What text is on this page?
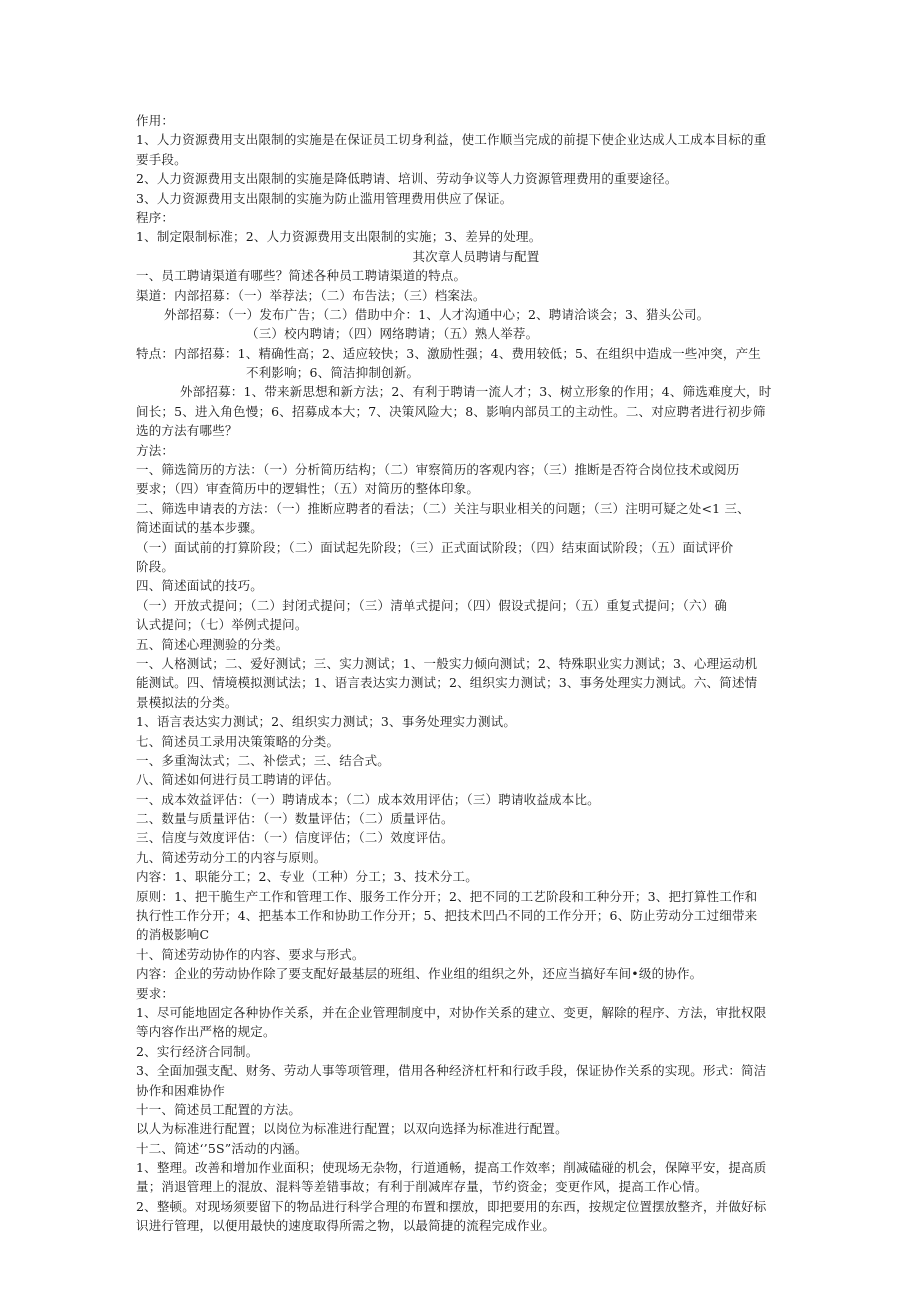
作用：
1、人力资源费用支出限制的实施是在保证员工切身利益，使工作顺当完成的前提下使企业达成人工成本目标的重
要手段。
2、人力资源费用支出限制的实施是降低聘请、培训、劳动争议等人力资源管理费用的重要途径。
3、人力资源费用支出限制的实施为防止滥用管理费用供应了保证。
程序：
1、制定限制标准；2、人力资源费用支出限制的实施；3、差异的处理。
其次章人员聘请与配置
一、员工聘请渠道有哪些？简述各种员工聘请渠道的特点。
渠道：内部招募：（一）举荐法；（二）布告法；（三）档案法。
外部招募：（一）发布广告；（二）借助中介：1、人才沟通中心；2、聘请洽谈会；3、猎头公司。
（三）校内聘请；（四）网络聘请；（五）熟人举荐。
特点：内部招募：1、精确性高；2、适应较快；3、激励性强；4、费用较低；5、在组织中造成一些冲突，产生
不利影响；6、简洁抑制创新。
外部招募：1、带来新思想和新方法；2、有利于聘请一流人才；3、树立形象的作用；4、筛选难度大，时
间长；5、进入角色慢；6、招募成本大；7、决策风险大；8、影响内部员工的主动性。二、对应聘者进行初步筛
选的方法有哪些？
方法：
一、筛选简历的方法：（一）分析简历结构；（二）审察简历的客观内容；（三）推断是否符合岗位技术或阅历
要求；（四）审查简历中的逻辑性；（五）对简历的整体印象。
二、筛选申请表的方法：（一）推断应聘者的看法；（二）关注与职业相关的问题；（三）注明可疑之处<1 三、
简述面试的基本步骤。
（一）面试前的打算阶段；（二）面试起先阶段；（三）正式面试阶段；（四）结束面试阶段；（五）面试评价
阶段。
四、简述面试的技巧。
（一）开放式提问；（二）封闭式提问；（三）清单式提问；（四）假设式提问；（五）重复式提问；（六）确
认式提问；（七）举例式提问。
五、简述心理测验的分类。
一、人格测试；二、爱好测试；三、实力测试；1、一般实力倾向测试；2、特殊职业实力测试；3、心理运动机
能测试。四、情境模拟测试法；1、语言表达实力测试；2、组织实力测试；3、事务处理实力测试。六、简述情
景模拟法的分类。
1、语言表达实力测试；2、组织实力测试；3、事务处理实力测试。
七、简述员工录用决策策略的分类。
一、多重淘汰式；二、补偿式；三、结合式。
八、简述如何进行员工聘请的评估。
一、成本效益评估：（一）聘请成本；（二）成本效用评估；（三）聘请收益成本比。
二、数量与质量评估：（一）数量评估；（二）质量评估。
三、信度与效度评估：（一）信度评估；（二）效度评估。
九、简述劳动分工的内容与原则。
内容：1、职能分工；2、专业（工种）分工；3、技术分工。
原则：1、把干脆生产工作和管理工作、服务工作分开；2、把不同的工艺阶段和工种分开；3、把打算性工作和
执行性工作分开；4、把基本工作和协助工作分开；5、把技术凹凸不同的工作分开；6、防止劳动分工过细带来
的消极影响C
十、简述劳动协作的内容、要求与形式。
内容：企业的劳动协作除了要支配好最基层的班组、作业组的组织之外，还应当搞好车间•级的协作。
要求：
1、尽可能地固定各种协作关系，并在企业管理制度中，对协作关系的建立、变更，解除的程序、方法，审批权限
等内容作出严格的规定。
2、实行经济合同制。
3、全面加强支配、财务、劳动人事等项管理，借用各种经济杠杆和行政手段，保证协作关系的实现。形式：简洁
协作和困难协作
十一、简述员工配置的方法。
以人为标准进行配置；以岗位为标准进行配置；以双向选择为标准进行配置。
十二、简述‘’5S”活动的内涵。
1、整理。改善和增加作业面积；使现场无杂物，行道通畅，提高工作效率；削减磕碰的机会，保障平安，提高质
量；消退管理上的混放、混料等差错事故；有利于削减库存量，节约资金；变更作风，提高工作心情。
2、整顿。对现场须要留下的物品进行科学合理的布置和摆放，即把要用的东西，按规定位置摆放整齐，并做好标
识进行管理，以便用最快的速度取得所需之物，以最简捷的流程完成作业。
